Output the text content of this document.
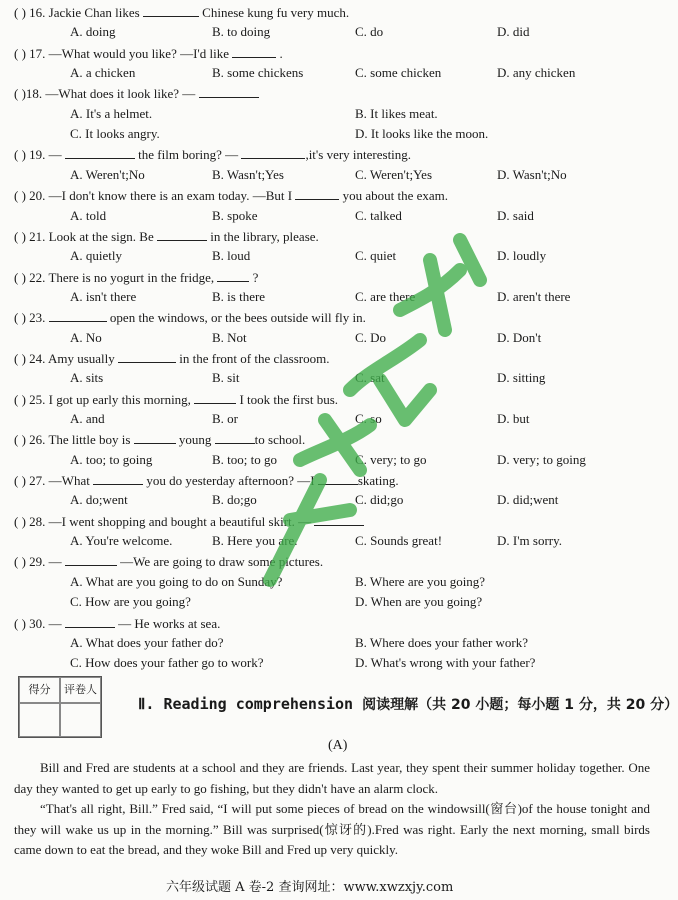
( ) 16. Jackie Chan likes	Chinese kung fu very much.
A. doing	B. to doing	C. do	D. did
( ) 17. —What would you like? —I'd like	.
A. a chicken	B. some chickens	C. some chicken	D. any chicken
( )18. —What does it look like? —
A. It's a helmet.	B. It likes meat.
C. It looks angry.	D. It looks like the moon.
( ) 19. —	the film boring? —	,it's very interesting.
A. Weren't;No	B. Wasn't;Yes	C. Weren't;Yes	D. Wasn't;No
( ) 20. —I don't know there is an exam today. —But I	you about the exam.
A. told	B. spoke	C. talked	D. said
( ) 21. Look at the sign. Be	in the library, please.
A. quietly	B. loud	C. quiet	D. loudly
( ) 22. There is no yogurt in the fridge,  ?
A. isn't there	B. is there	C. are there	D. aren't there
( ) 23.	open the windows, or the bees outside will fly in.
A. No	B. Not	C. Do	D. Don't
( ) 24. Amy usually	in the front of the classroom.
A. sits	B. sit	C. sat	D. sitting
( ) 25. I got up early this morning,	I took the first bus.
A. and	B. or	C. so	D. but
( ) 26. The little boy is	young	to school.
A. too; to going	B. too; to go	C. very; to go	D. very; to going
( ) 27. —What	you do yesterday afternoon? —I	skating.
A. do;went	B. do;go	C. did;go	D. did;went
( ) 28. —I went shopping and bought a beautiful skirt. —
A. You're welcome.	B. Here you are.	C. Sounds great!	D. I'm sorry.
( ) 29. —	—We are going to draw some pictures.
A. What are you going to do on Sunday?	B. Where are you going?
C. How are you going?	D. When are you going?
( ) 30. —	— He works at sea.
A. What does your father do?	B. Where does your father work?
C. How does your father go to work?	D. What's wrong with your father?
得分	评卷人
Ⅱ. Reading comprehension 阅读理解（共 20 小题；每小题 1 分，共 20 分）
(A)
Bill and Fred are students at a school and they are friends. Last year, they spent their summer holiday together. One day they wanted to get up early to go fishing, but they didn't have an alarm clock.
“That's all right, Bill.” Fred said, “I will put some pieces of bread on the windowsill(窗台)of the house tonight and they will wake us up in the morning.” Bill was surprised(惊讶的).Fred was right. Early the next morning, small birds came down to eat the bread, and they woke Bill and Fred up very quickly.
六年级试题 A 卷-2 查询网址：www.xwzxjy.com
